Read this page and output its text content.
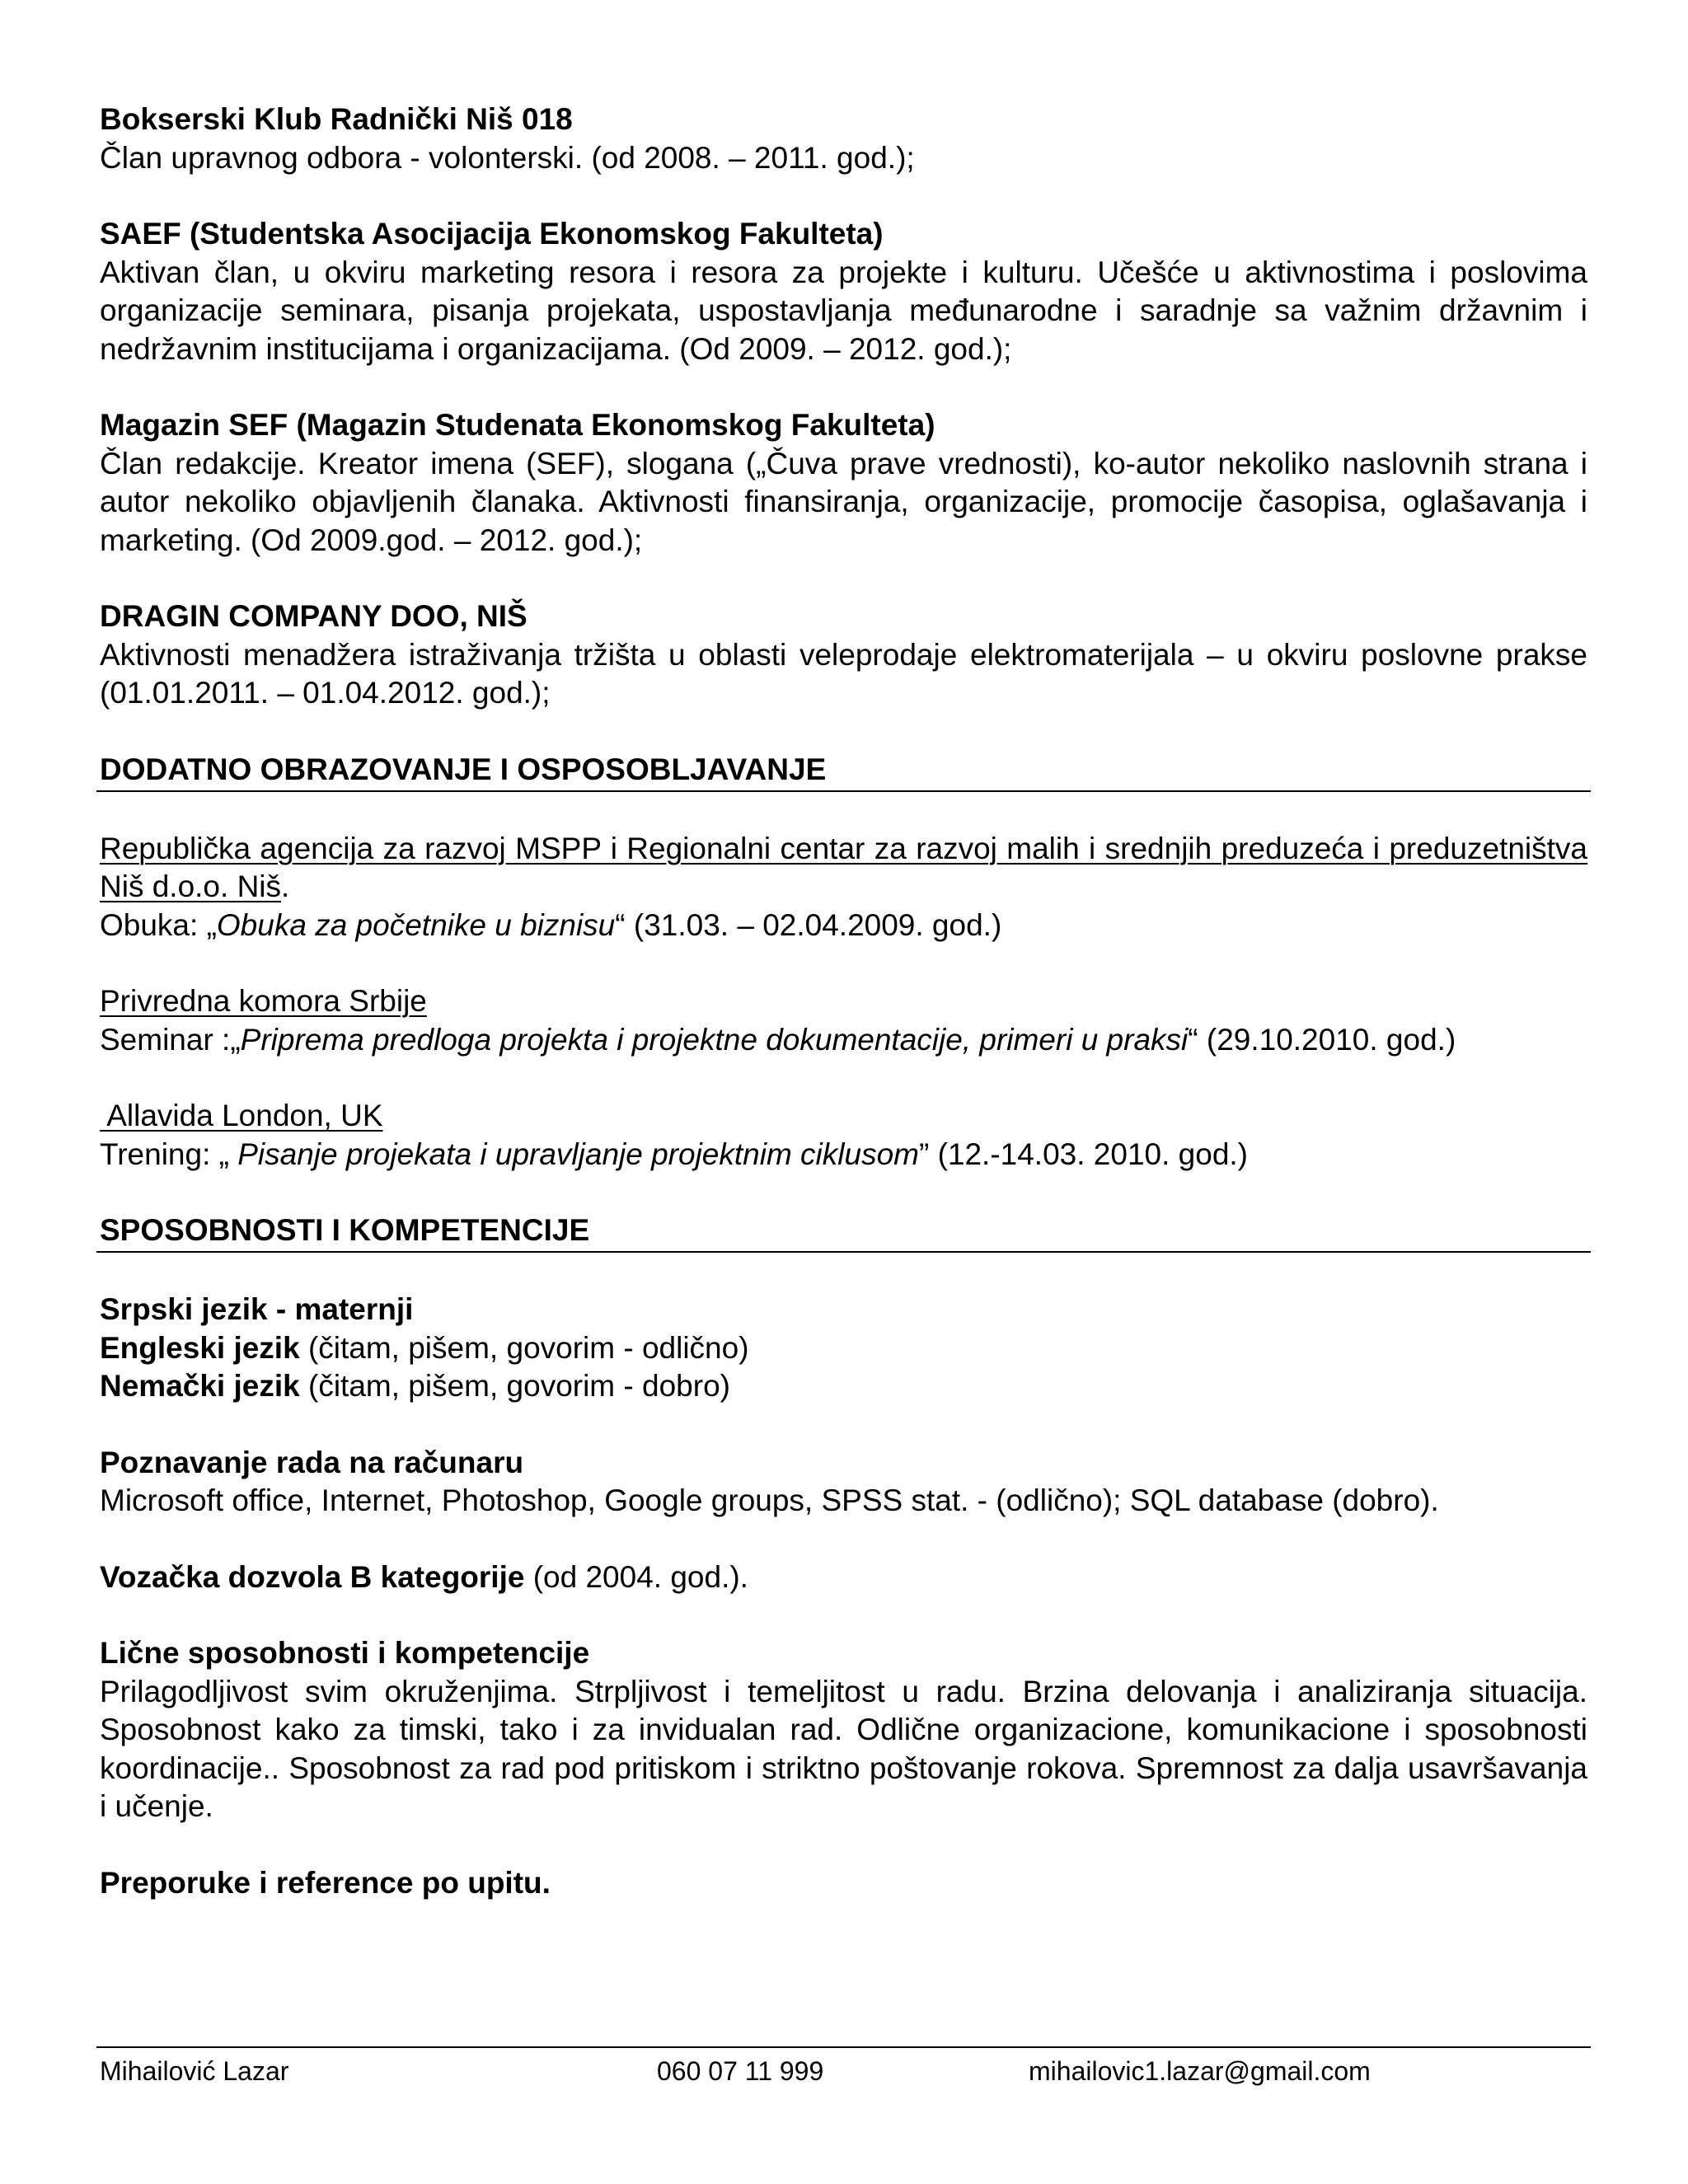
Bokserski Klub Radnički Niš 018

Član upravnog odbora - volonterski. (od 2008. – 2011. god.);

SAEF (Studentska Asocijacija Ekonomskog Fakulteta)

Aktivan član, u okviru marketing resora i resora za projekte i kulturu. Učešće u aktivnostima i poslovima organizacije seminara, pisanja projekata, uspostavljanja međunarodne i saradnje sa važnim državnim i nedržavnim institucijama i organizacijama. (Od 2009. – 2012. god.);

Magazin SEF (Magazin Studenata Ekonomskog Fakulteta)

Član redakcije. Kreator imena (SEF), slogana („Čuva prave vrednosti), ko-autor nekoliko naslovnih strana i autor nekoliko objavljenih članaka. Aktivnosti finansiranja, organizacije, promocije časopisa, oglašavanja i marketing. (Od 2009.god. – 2012. god.);

DRAGIN COMPANY DOO, NIŠ

Aktivnosti menadžera istraživanja tržišta u oblasti veleprodaje elektromaterijala – u okviru poslovne prakse (01.01.2011. – 01.04.2012. god.);

DODATNO OBRAZOVANJE I OSPOSOBLJAVANJE

Republička agencija za razvoj MSPP i Regionalni centar za razvoj malih i srednjih preduzeća i preduzetništva Niš d.o.o. Niš.

Obuka: „Obuka za početnike u biznisu“ (31.03. – 02.04.2009. god.)

Privredna komora Srbije

Seminar :„Priprema predloga projekta i projektne dokumentacije, primeri u praksi“ (29.10.2010. god.)

Allavida London, UK

Trening: „ Pisanje projekata i upravljanje projektnim ciklusom” (12.-14.03. 2010. god.)

SPOSOBNOSTI I KOMPETENCIJE

Srpski jezik - maternji

Engleski jezik (čitam, pišem, govorim - odlično)

Nemački jezik (čitam, pišem, govorim - dobro)

Poznavanje rada na računaru

Microsoft office, Internet, Photoshop, Google groups, SPSS stat. - (odlično); SQL database (dobro).

Vozačka dozvola B kategorije (od 2004. god.).

Lične sposobnosti i kompetencije

Prilagodljivost svim okruženjima. Strpljivost i temeljitost u radu. Brzina delovanja i analiziranja situacija. Sposobnost kako za timski, tako i za invidualan rad. Odlične organizacione, komunikacione i sposobnosti koordinacije.. Sposobnost za rad pod pritiskom i striktno poštovanje rokova. Spremnost za dalja usavršavanja i učenje.

Preporuke i reference po upitu.

Mihailović Lazar	060 07 11 999	mihailovic1.lazar@gmail.com
